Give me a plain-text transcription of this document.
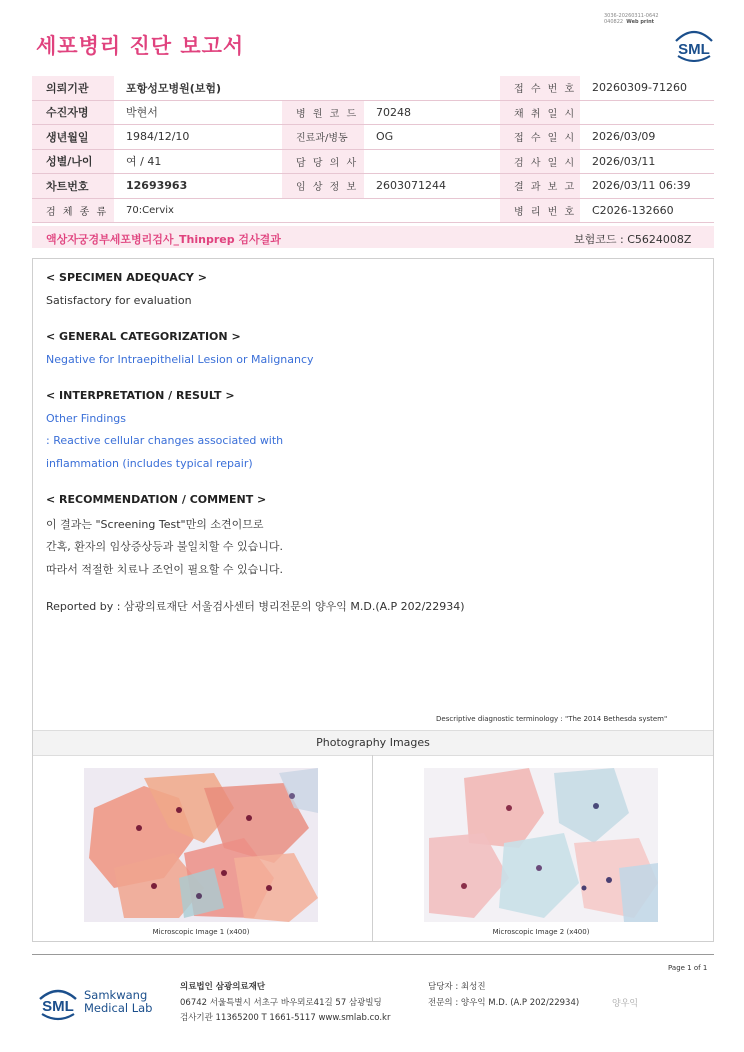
세포병리 진단 보고서
3036-20260311-0642
040822 Web print
SML
의뢰기관	포항성모병원(보험)			접 수 번 호	20260309-71260
수진자명	박현서	병 원 코 드	70248	채 취 일 시	
생년월일	1984/12/10	진료과/병동	OG	접 수 일 시	2026/03/09
성별/나이	여 / 41	담 당 의 사		검 사 일 시	2026/03/11
차트번호	12693963	임 상 정 보	2603071244	결 과 보 고	2026/03/11 06:39
검 체 종 류	70:Cervix			병 리 번 호	C2026-132660
액상자궁경부세포병리검사_Thinprep 검사결과	보험코드 : C5624008Z
< SPECIMEN ADEQUACY >
Satisfactory for evaluation
< GENERAL CATEGORIZATION >
Negative for Intraepithelial Lesion or Malignancy
< INTERPRETATION / RESULT >
Other Findings
: Reactive cellular changes associated with
inflammation (includes typical repair)
< RECOMMENDATION / COMMENT >
이 결과는 "Screening Test"만의 소견이므로
간혹, 환자의 임상증상등과 불일치할 수 있습니다.
따라서 적절한 치료나 조언이 필요할 수 있습니다.
Reported by : 삼광의료재단 서울검사센터 병리전문의 양우익 M.D.(A.P 202/22934)
Descriptive diagnostic terminology : "The 2014 Bethesda system"
Photography Images
Microscopic Image 1 (x400)	Microscopic Image 2 (x400)
Page 1 of 1
SML
Samkwang
Medical Lab
의료법인 삼광의료재단
06742 서울특별시 서초구 바우뫼로41길 57 삼광빌딩
검사기관 11365200 T 1661-5117 www.smlab.co.kr
담당자 : 최성진
전문의 : 양우익 M.D. (A.P 202/22934)	양우익
